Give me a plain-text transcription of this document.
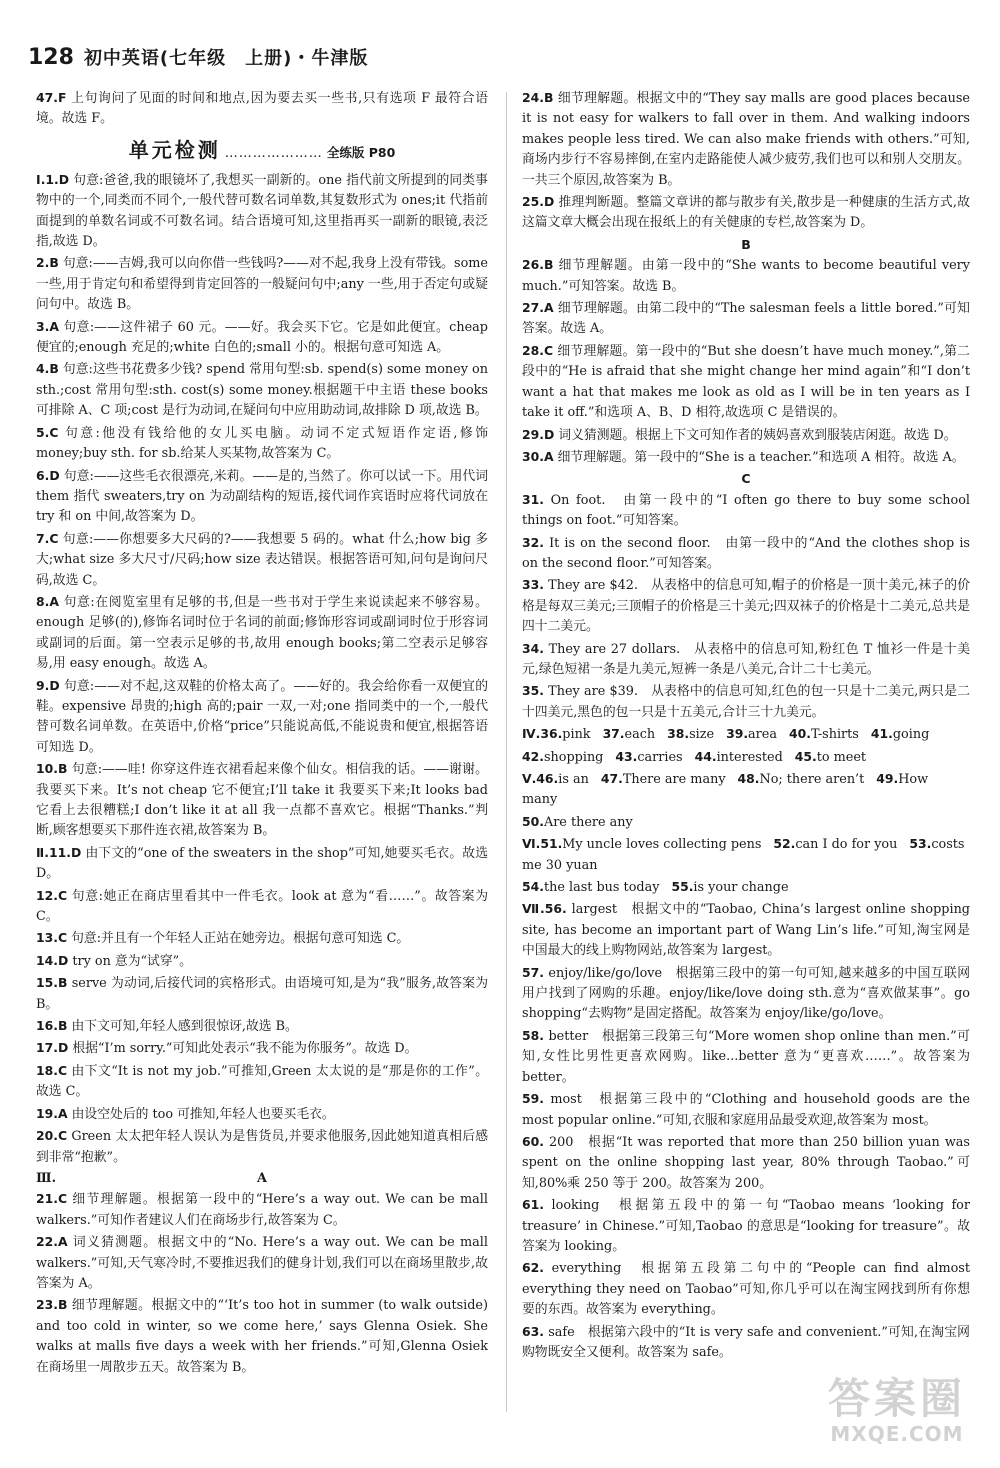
128 初中英语(七年级　上册)・牛津版

47.F 上句询问了见面的时间和地点,因为要去买一些书,只有选项 F 最符合语境。故选 F。

单元检测 ………………… 全练版 P80

Ⅰ.1.D 句意:爸爸,我的眼镜坏了,我想买一副新的。one 指代前文所提到的同类事物中的一个,同类而不同个,一般代替可数名词单数,其复数形式为 ones;it 代指前面提到的单数名词或不可数名词。结合语境可知,这里指再买一副新的眼镜,表泛指,故选 D。

2.B 句意:——吉姆,我可以向你借一些钱吗?——对不起,我身上没有带钱。some 一些,用于肯定句和希望得到肯定回答的一般疑问句中;any 一些,用于否定句或疑问句中。故选 B。

3.A 句意:——这件裙子 60 元。——好。我会买下它。它是如此便宜。cheap 便宜的;enough 充足的;white 白色的;small 小的。根据句意可知选 A。

4.B 句意:这些书花费多少钱? spend 常用句型:sb. spend(s) some money on sth.;cost 常用句型:sth. cost(s) some money.根据题干中主语 these books 可排除 A、C 项;cost 是行为动词,在疑问句中应用助动词,故排除 D 项,故选 B。

5.C 句意:他没有钱给他的女儿买电脑。动词不定式短语作定语,修饰 money;buy sth. for sb.给某人买某物,故答案为 C。

6.D 句意:——这些毛衣很漂亮,米莉。——是的,当然了。你可以试一下。用代词 them 指代 sweaters,try on 为动副结构的短语,接代词作宾语时应将代词放在 try 和 on 中间,故答案为 D。

7.C 句意:——你想要多大尺码的?——我想要 5 码的。what 什么;how big 多大;what size 多大尺寸/尺码;how size 表达错误。根据答语可知,问句是询问尺码,故选 C。

8.A 句意:在阅览室里有足够的书,但是一些书对于学生来说读起来不够容易。enough 足够(的),修饰名词时位于名词的前面;修饰形容词或副词时位于形容词或副词的后面。第一空表示足够的书,故用 enough books;第二空表示足够容易,用 easy enough。故选 A。

9.D 句意:——对不起,这双鞋的价格太高了。——好的。我会给你看一双便宜的鞋。expensive 昂贵的;high 高的;pair 一双,一对;one 指同类中的一个,一般代替可数名词单数。在英语中,价格“price”只能说高低,不能说贵和便宜,根据答语可知选 D。

10.B 句意:——哇! 你穿这件连衣裙看起来像个仙女。相信我的话。——谢谢。我要买下来。It’s not cheap 它不便宜;I’ll take it 我要买下来;It looks bad 它看上去很糟糕;I don’t like it at all 我一点都不喜欢它。根据“Thanks.”判断,顾客想要买下那件连衣裙,故答案为 B。

Ⅱ.11.D 由下文的“one of the sweaters in the shop”可知,她要买毛衣。故选 D。

12.C 句意:她正在商店里看其中一件毛衣。look at 意为“看……”。故答案为 C。

13.C 句意:并且有一个年轻人正站在她旁边。根据句意可知选 C。

14.D try on 意为“试穿”。

15.B serve 为动词,后接代词的宾格形式。由语境可知,是为“我”服务,故答案为 B。

16.B 由下文可知,年轻人感到很惊讶,故选 B。

17.D 根据“I’m sorry.”可知此处表示“我不能为你服务”。故选 D。

18.C 由下文“It is not my job.”可推知,Green 太太说的是“那是你的工作”。故选 C。

19.A 由设空处后的 too 可推知,年轻人也要买毛衣。

20.C Green 太太把年轻人误认为是售货员,并要求他服务,因此她知道真相后感到非常“抱歉”。

Ⅲ.	A

21.C 细节理解题。根据第一段中的“Here’s a way out. We can be mall walkers.”可知作者建议人们在商场步行,故答案为 C。

22.A 词义猜测题。根据文中的“No. Here’s a way out. We can be mall walkers.”可知,天气寒冷时,不要推迟我们的健身计划,我们可以在商场里散步,故答案为 A。

23.B 细节理解题。根据文中的“‘It’s too hot in summer (to walk outside) and too cold in winter, so we come here,’ says Glenna Osiek. She walks at malls five days a week with her friends.”可知,Glenna Osiek 在商场里一周散步五天。故答案为 B。

24.B 细节理解题。根据文中的“They say malls are good places because it is not easy for walkers to fall over in them. And walking indoors makes people less tired. We can also make friends with others.”可知,商场内步行不容易摔倒,在室内走路能使人减少疲劳,我们也可以和别人交朋友。一共三个原因,故答案为 B。

25.D 推理判断题。整篇文章讲的都与散步有关,散步是一种健康的生活方式,故这篇文章大概会出现在报纸上的有关健康的专栏,故答案为 D。

B

26.B 细节理解题。由第一段中的“She wants to become beautiful very much.”可知答案。故选 B。

27.A 细节理解题。由第二段中的“The salesman feels a little bored.”可知答案。故选 A。

28.C 细节理解题。第一段中的“But she doesn’t have much money.”,第二段中的“He is afraid that she might change her mind again”和“I don’t want a hat that makes me look as old as I will be in ten years as I take it off.”和选项 A、B、D 相符,故选项 C 是错误的。

29.D 词义猜测题。根据上下文可知作者的姨妈喜欢到服装店闲逛。故选 D。

30.A 细节理解题。第一段中的“She is a teacher.”和选项 A 相符。故选 A。

C

31. On foot.　由第一段中的“I often go there to buy some school things on foot.”可知答案。

32. It is on the second floor.　由第一段中的“And the clothes shop is on the second floor.”可知答案。

33. They are $42.　从表格中的信息可知,帽子的价格是一顶十美元,袜子的价格是每双三美元;三顶帽子的价格是三十美元;四双袜子的价格是十二美元,总共是四十二美元。

34. They are 27 dollars.　从表格中的信息可知,粉红色 T 恤衫一件是十美元,绿色短裙一条是九美元,短裤一条是八美元,合计二十七美元。

35. They are $39.　从表格中的信息可知,红色的包一只是十二美元,两只是二十四美元,黑色的包一只是十五美元,合计三十九美元。

Ⅳ.36.pink 37.each 38.size 39.area 40.T-shirts 41.going

42.shopping 43.carries 44.interested 45.to meet

Ⅴ.46.is an 47.There are many 48.No; there aren’t 49.How many

50.Are there any

Ⅵ.51.My uncle loves collecting pens 52.can I do for you 53.costs me 30 yuan

54.the last bus today 55.is your change

Ⅶ.56. largest　根据文中的“Taobao, China’s largest online shopping site, has become an important part of Wang Lin’s life.”可知,淘宝网是中国最大的线上购物网站,故答案为 largest。

57. enjoy/like/go/love　根据第三段中的第一句可知,越来越多的中国互联网用户找到了网购的乐趣。enjoy/like/love doing sth.意为“喜欢做某事”。go shopping“去购物”是固定搭配。故答案为 enjoy/like/go/love。

58. better　根据第三段第三句“More women shop online than men.”可知,女性比男性更喜欢网购。like...better 意为“更喜欢……”。故答案为 better。

59. most　根据第三段中的“Clothing and household goods are the most popular online.”可知,衣服和家庭用品最受欢迎,故答案为 most。

60. 200　根据“It was reported that more than 250 billion yuan was spent on the online shopping last year, 80% through Taobao.”可知,80%乘 250 等于 200。故答案为 200。

61. looking　根据第五段中的第一句“Taobao means ‘looking for treasure’ in Chinese.”可知,Taobao 的意思是“looking for treasure”。故答案为 looking。

62. everything　根据第五段第二句中的“People can find almost everything they need on Taobao”可知,你几乎可以在淘宝网找到所有你想要的东西。故答案为 everything。

63. safe　根据第六段中的“It is very safe and convenient.”可知,在淘宝网购物既安全又便利。故答案为 safe。

答案圈
MXQE.COM
